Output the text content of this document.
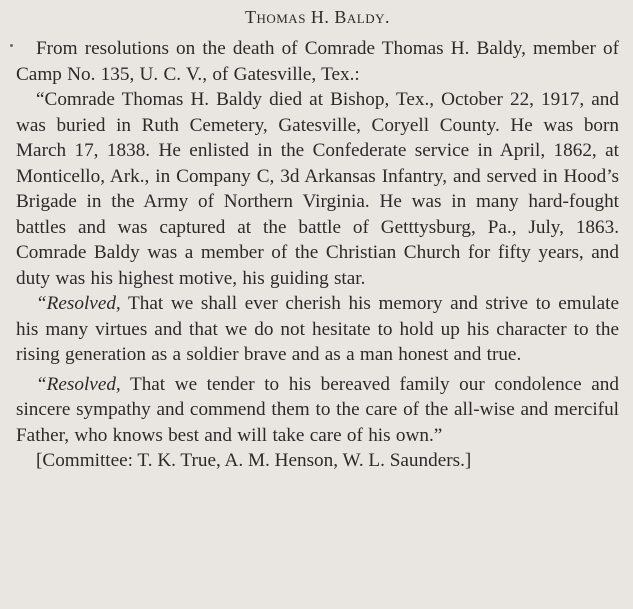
Thomas H. Baldy.

From resolutions on the death of Comrade Thomas H. Baldy, member of Camp No. 135, U. C. V., of Gatesville, Tex.:

“Comrade Thomas H. Baldy died at Bishop, Tex., October 22, 1917, and was buried in Ruth Cemetery, Gatesville, Coryell County. He was born March 17, 1838. He enlisted in the Confederate service in April, 1862, at Monticello, Ark., in Company C, 3d Arkansas Infantry, and served in Hood’s Brigade in the Army of Northern Virginia. He was in many hard-fought battles and was captured at the battle of Getttysburg, Pa., July, 1863. Comrade Baldy was a member of the Christian Church for fifty years, and duty was his highest motive, his guiding star.

“Resolved, That we shall ever cherish his memory and strive to emulate his many virtues and that we do not hesitate to hold up his character to the rising generation as a soldier brave and as a man honest and true.

“Resolved, That we tender to his bereaved family our condolence and sincere sympathy and commend them to the care of the all-wise and merciful Father, who knows best and will take care of his own.”

[Committee: T. K. True, A. M. Henson, W. L. Saunders.]
